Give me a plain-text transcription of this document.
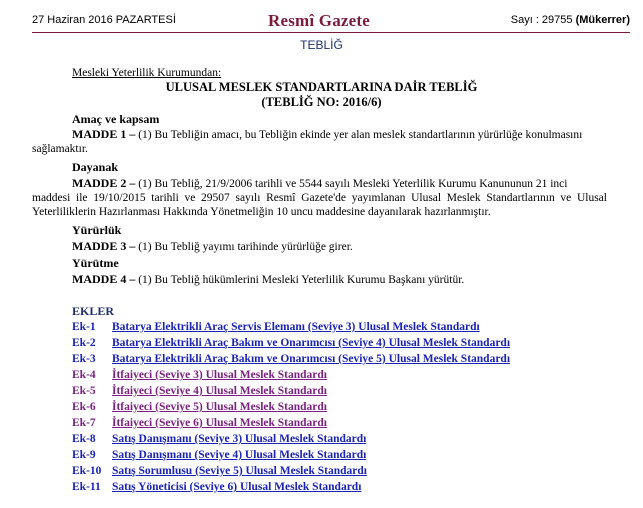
27 Haziran 2016 PAZARTESİ	Resmî Gazete	Sayı : 29755 (Mükerrer)
TEBLİĞ
Mesleki Yeterlilik Kurumundan:
ULUSAL MESLEK STANDARTLARINA DAİR TEBLİĞ
(TEBLİĞ NO: 2016/6)
Amaç ve kapsam
MADDE 1 – (1) Bu Tebliğin amacı, bu Tebliğin ekinde yer alan meslek standartlarının yürürlüğe konulmasını
sağlamaktır.
Dayanak
MADDE 2 – (1) Bu Tebliğ, 21/9/2006 tarihli ve 5544 sayılı Mesleki Yeterlilik Kurumu Kanununun 21 inci
maddesi ile 19/10/2015 tarihli ve 29507 sayılı Resmî Gazete'de yayımlanan Ulusal Meslek Standartlarının ve Ulusal Yeterliliklerin Hazırlanması Hakkında Yönetmeliğin 10 uncu maddesine dayanılarak hazırlanmıştır.
Yürürlük
MADDE 3 – (1) Bu Tebliğ yayımı tarihinde yürürlüğe girer.
Yürütme
MADDE 4 – (1) Bu Tebliğ hükümlerini Mesleki Yeterlilik Kurumu Başkanı yürütür.
EKLER
Ek-1 Batarya Elektrikli Araç Servis Elemanı (Seviye 3) Ulusal Meslek Standardı
Ek-2 Batarya Elektrikli Araç Bakım ve Onarımcısı (Seviye 4) Ulusal Meslek Standardı
Ek-3 Batarya Elektrikli Araç Bakım ve Onarımcısı (Seviye 5) Ulusal Meslek Standardı
Ek-4 İtfaiyeci (Seviye 3) Ulusal Meslek Standardı
Ek-5 İtfaiyeci (Seviye 4) Ulusal Meslek Standardı
Ek-6 İtfaiyeci (Seviye 5) Ulusal Meslek Standardı
Ek-7 İtfaiyeci (Seviye 6) Ulusal Meslek Standardı
Ek-8 Satış Danışmanı (Seviye 3) Ulusal Meslek Standardı
Ek-9 Satış Danışmanı (Seviye 4) Ulusal Meslek Standardı
Ek-10 Satış Sorumlusu (Seviye 5) Ulusal Meslek Standardı
Ek-11 Satış Yöneticisi (Seviye 6) Ulusal Meslek Standardı
